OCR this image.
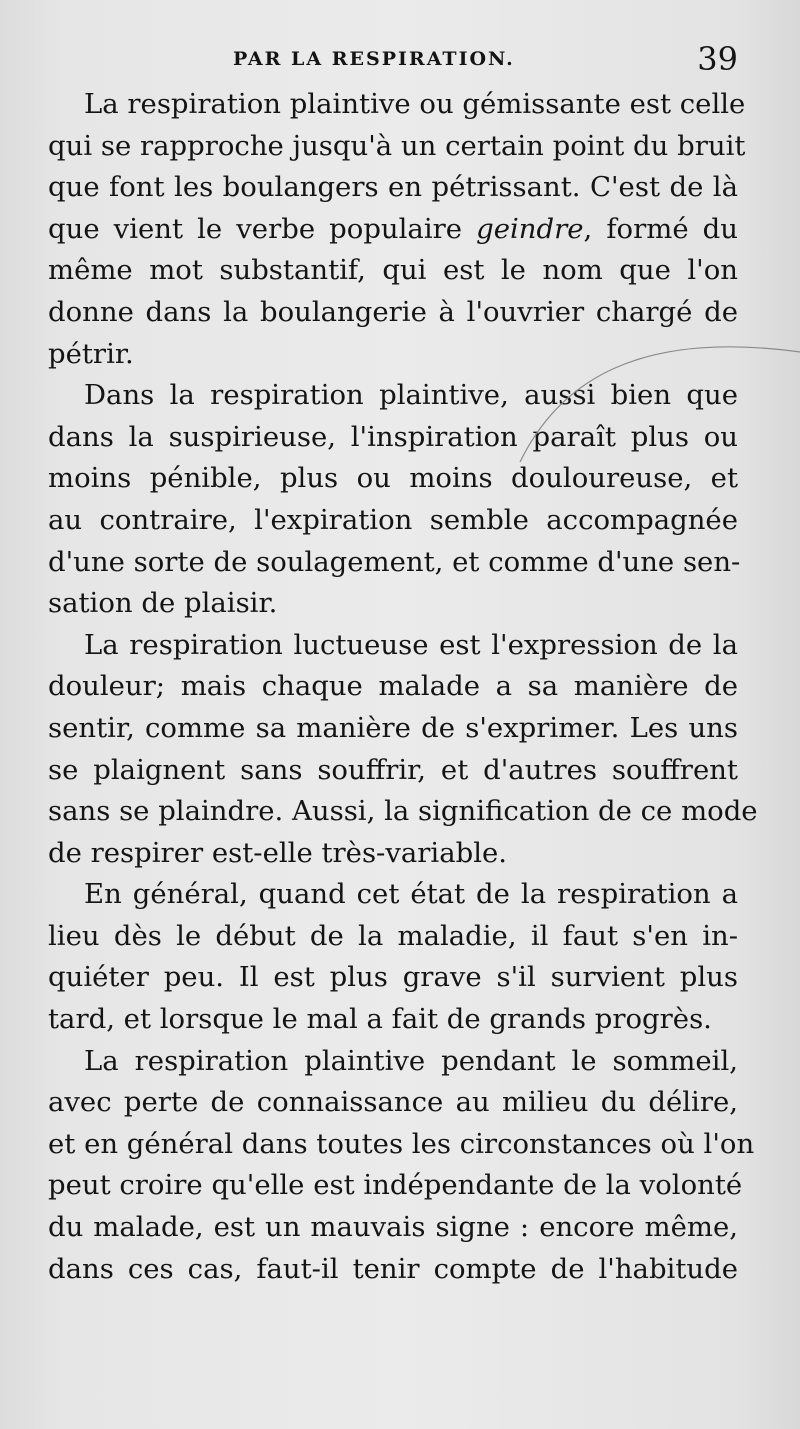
PAR LA RESPIRATION.	39
La respiration plaintive ou gémissante est celle
qui se rapproche jusqu'à un certain point du bruit
que font les boulangers en pétrissant. C'est de là
que vient le verbe populaire geindre, formé du
même mot substantif, qui est le nom que l'on
donne dans la boulangerie à l'ouvrier chargé de
pétrir.
Dans la respiration plaintive, aussi bien que
dans la suspirieuse, l'inspiration paraît plus ou
moins pénible, plus ou moins douloureuse, et
au contraire, l'expiration semble accompagnée
d'une sorte de soulagement, et comme d'une sen-
sation de plaisir.
La respiration luctueuse est l'expression de la
douleur; mais chaque malade a sa manière de
sentir, comme sa manière de s'exprimer. Les uns
se plaignent sans souffrir, et d'autres souffrent
sans se plaindre. Aussi, la signification de ce mode
de respirer est-elle très-variable.
En général, quand cet état de la respiration a
lieu dès le début de la maladie, il faut s'en in-
quiéter peu. Il est plus grave s'il survient plus
tard, et lorsque le mal a fait de grands progrès.
La respiration plaintive pendant le sommeil,
avec perte de connaissance au milieu du délire,
et en général dans toutes les circonstances où l'on
peut croire qu'elle est indépendante de la volonté
du malade, est un mauvais signe : encore même,
dans ces cas, faut-il tenir compte de l'habitude
